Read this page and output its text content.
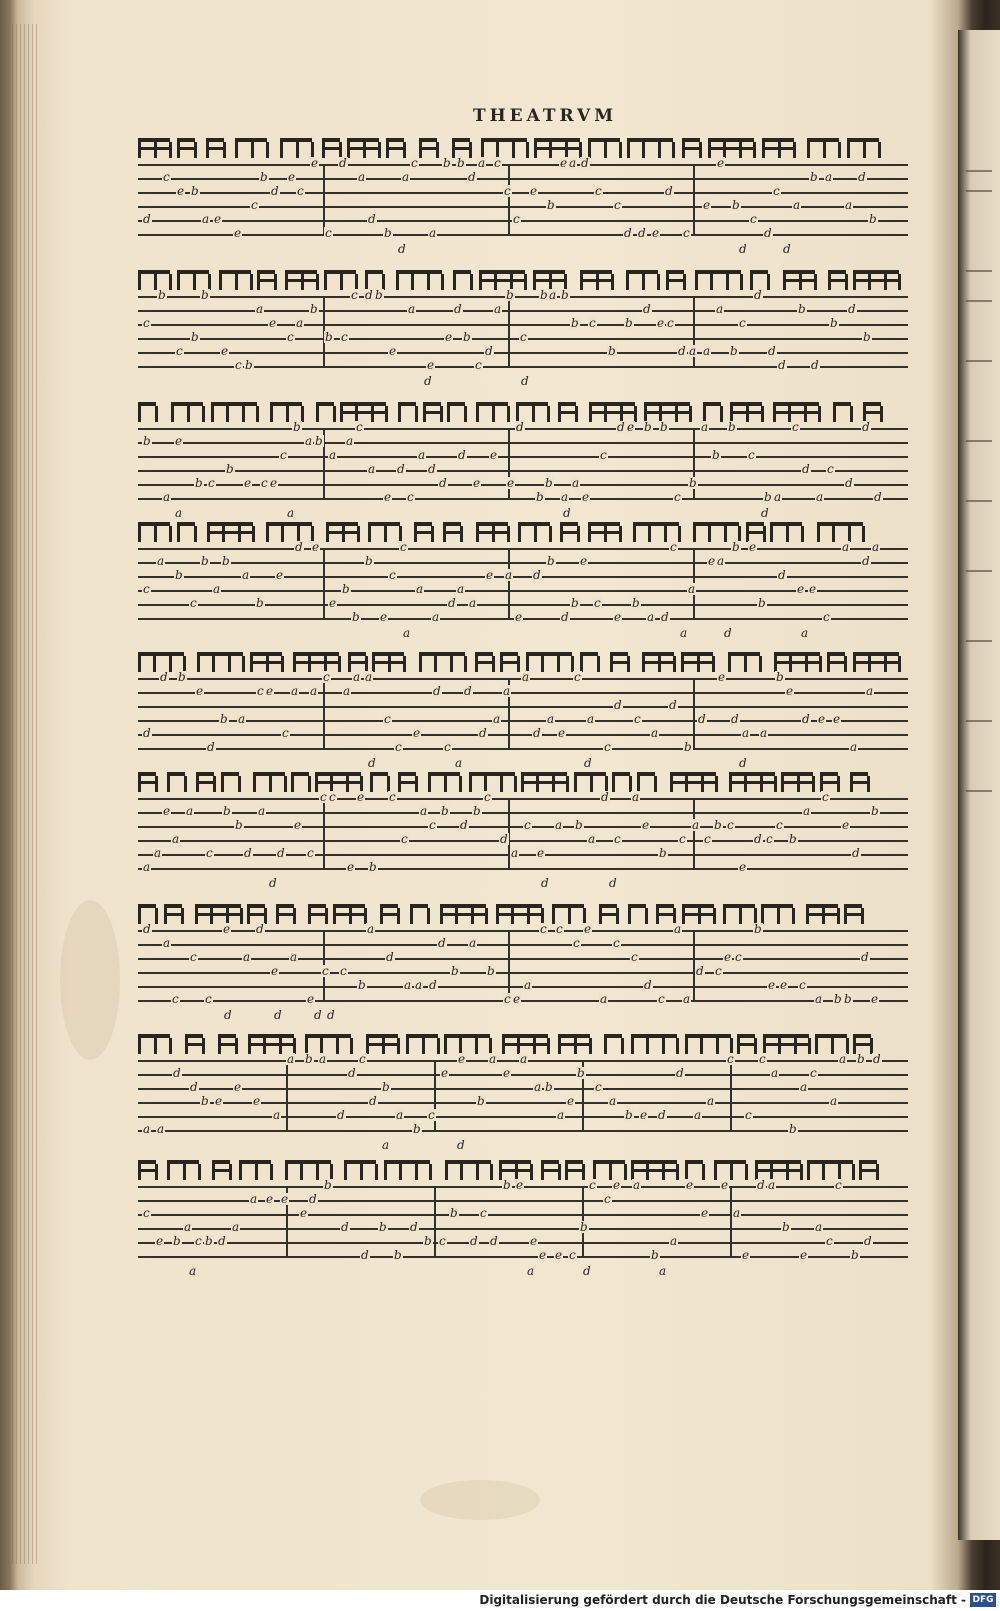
THEATRVM
d
c
e b
a e
e
c
b
d
e
c
e
c
d
a
d
b
a
c
a
b b
d
a c
c
c
e
b
e a d
c
c
d d e
d
c
e
e
b
c
d
c
a
b a
a
d
b
d
d	d
c
b
c
b
b
e
c b
a
e
c
a
b
b c
c d b
e
a
e
e
d
b
c
d
a
b
c
b a b
b c
b
b
d
e c
d a a
a
b
c
d
d
d
b
d
b
d
b
d	d
b
a
e
b c
b
e c e
c
b
a b
a
a
c
a
e
d
c
a
d
d
d
e
e
e
d
b
b
a
a
e
c
d e b b
c
b
a
b
b
c
b a
c
d
a
c
d
d
d
a
a	d	d
c
a
b
c
b
a
b
a
b
e
d e
e
b
b
b
e
c
c
a
a
d
a
a
e a
e
d
b
d
b
e
c
e
b
a d
c
a
e a
b e
b
d
e e
c
a
d
a
a	a	d	a
d
d b
e
d
b a
c e
c
a a
c
a
a a
c
c
e
d
c
d
d
a
a
a
d
a
e
c
a
c
d
c
a
d
b
d
e
d
a a
b
e
d e e
a
a
d	d
a	d
a
a
e
a
a
c
b
b
d
a
d
e
c
c c
e
e
b
c
c
a
c
b
d
b
c
d
a
c
e
a b
a
d
c
a
e
b
c
a
c
b c
e
d c
c
b
a
c
e
d
b
d	d
d
d
a
c
c
c
e
a
d
e
a
e
c c
b
a
d
a a d
d
b
a
b
c e
a
c c
c
e
a
c
c
d
c
a
a
d c
e c
b
e e c
a b b
d
e
d	d	d d
a a
d
d
b e
e
e
a
a b a
d
d
c
d
b
a
b
c
e
e
b
a
e
a
a b
a
e
b
c
a
b e d
d
a
a
c
c
c
a
b
a
c
a
a b d
a	d
c
e b
a
c b d
a
a e e
e
d
b
d
d
b
b
d
b c
b
d
c
d
b e
e
e e c
b
c
c
e a
b
a
e
e
e
a
e
d a
b
e
a
c
c
b
d
a
a	d
a
Digitalisierung gefördert durch die Deutsche Forschungsgemeinschaft - DFG
